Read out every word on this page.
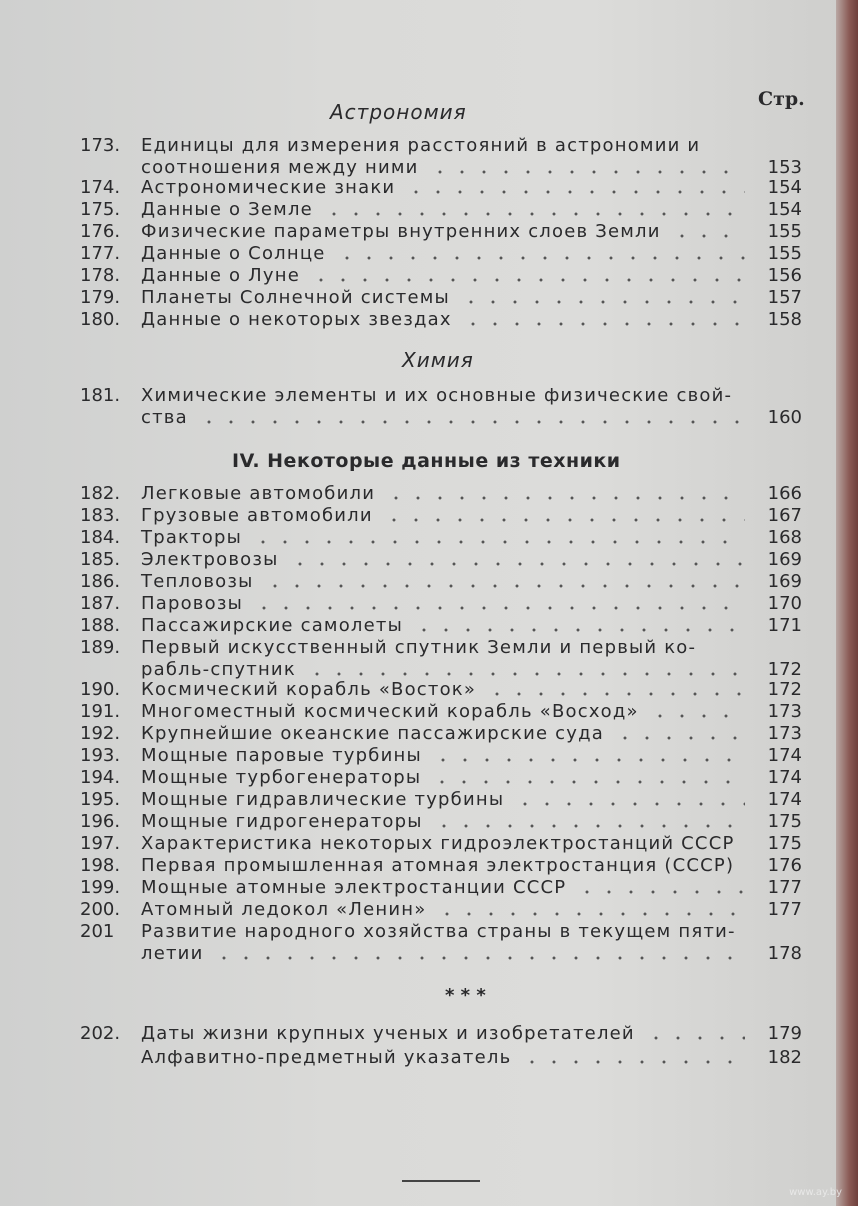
Стр.
Астрономия
Химия
IV. Некоторые данные из техники
173.	Единицы для измерения расстояний в астрономии и
соотношения между ними	153
174.	Астрономические знаки	154
175.	Данные о Земле	154
176.	Физические параметры внутренних слоев Земли	155
177.	Данные о Солнце	155
178.	Данные о Луне	156
179.	Планеты Солнечной системы	157
180.	Данные о некоторых звездах	158
181.	Химические элементы и их основные физические свой-
ства	160
182.	Легковые автомобили	166
183.	Грузовые автомобили	167
184.	Тракторы	168
185.	Электровозы	169
186.	Тепловозы	169
187.	Паровозы	170
188.	Пассажирские самолеты	171
189.	Первый искусственный спутник Земли и первый ко-
рабль-спутник	172
190.	Космический корабль «Восток»	172
191.	Многоместный космический корабль «Восход»	173
192.	Крупнейшие океанские пассажирские суда	173
193.	Мощные паровые турбины	174
194.	Мощные турбогенераторы	174
195.	Мощные гидравлические турбины	174
196.	Мощные гидрогенераторы	175
197.	Характеристика некоторых гидроэлектростанций СССР	175
198.	Первая промышленная атомная электростанция (СССР)	176
199.	Мощные атомные электростанции СССР	177
200.	Атомный ледокол «Ленин»	177
201	Развитие народного хозяйства страны в текущем пяти-
летии	178
202.	Даты жизни крупных ученых и изобретателей	179
Алфавитно-предметный указатель	182
* * *
www.ay.by
